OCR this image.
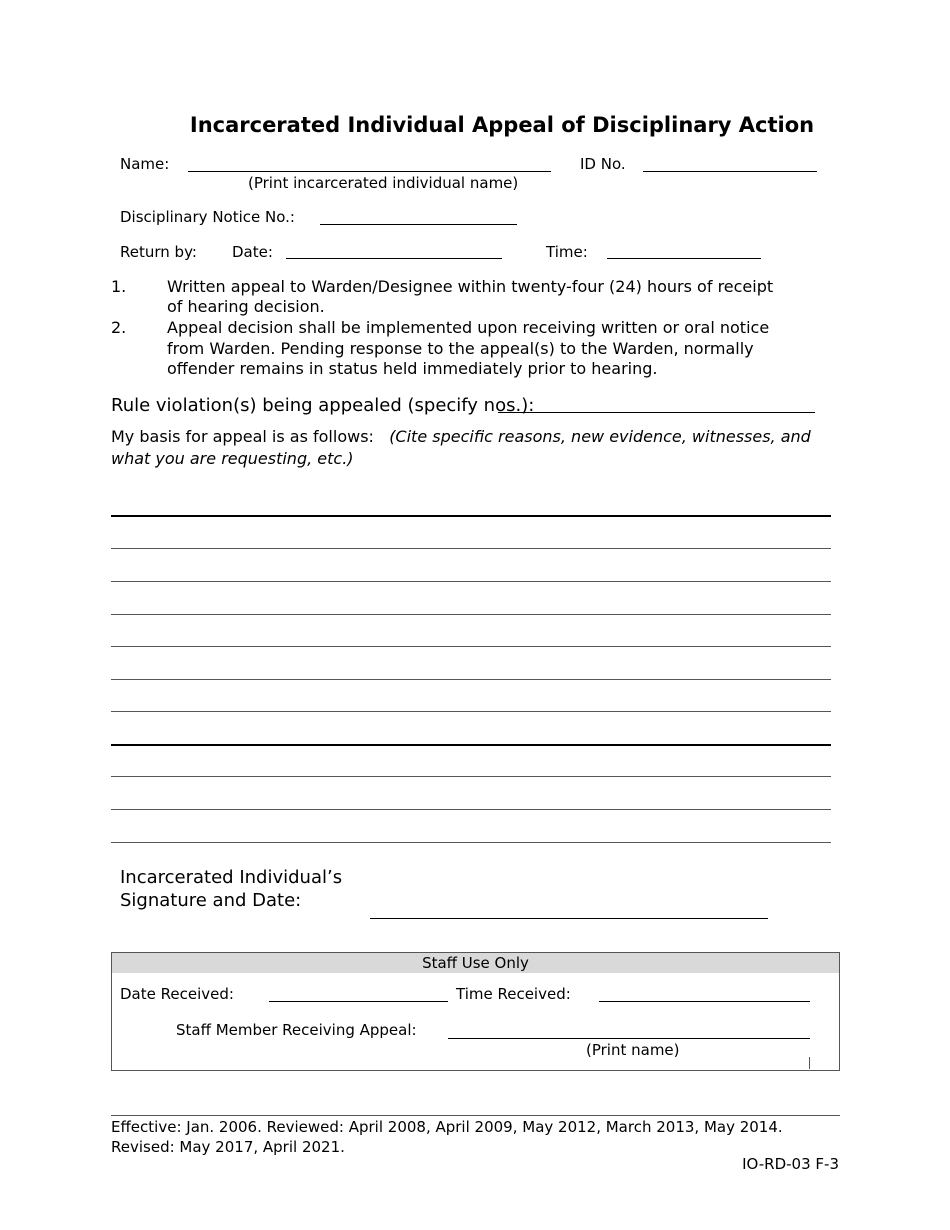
Incarcerated Individual Appeal of Disciplinary Action
Name:
(Print incarcerated individual name)
ID No.
Disciplinary Notice No.:
Return by: Date:	Time:
1.	Written appeal to Warden/Designee within twenty-four (24) hours of receipt of hearing decision.
2.	Appeal decision shall be implemented upon receiving written or oral notice from Warden. Pending response to the appeal(s) to the Warden, normally offender remains in status held immediately prior to hearing.
Rule violation(s) being appealed (specify nos.):
My basis for appeal is as follows: (Cite specific reasons, new evidence, witnesses, and what you are requesting, etc.)
Incarcerated Individual’s
Signature and Date:
Staff Use Only
Date Received:	Time Received:
Staff Member Receiving Appeal:
(Print name)
Effective: Jan. 2006. Reviewed: April 2008, April 2009, May 2012, March 2013, May 2014. Revised: May 2017, April 2021.
IO-RD-03 F-3
